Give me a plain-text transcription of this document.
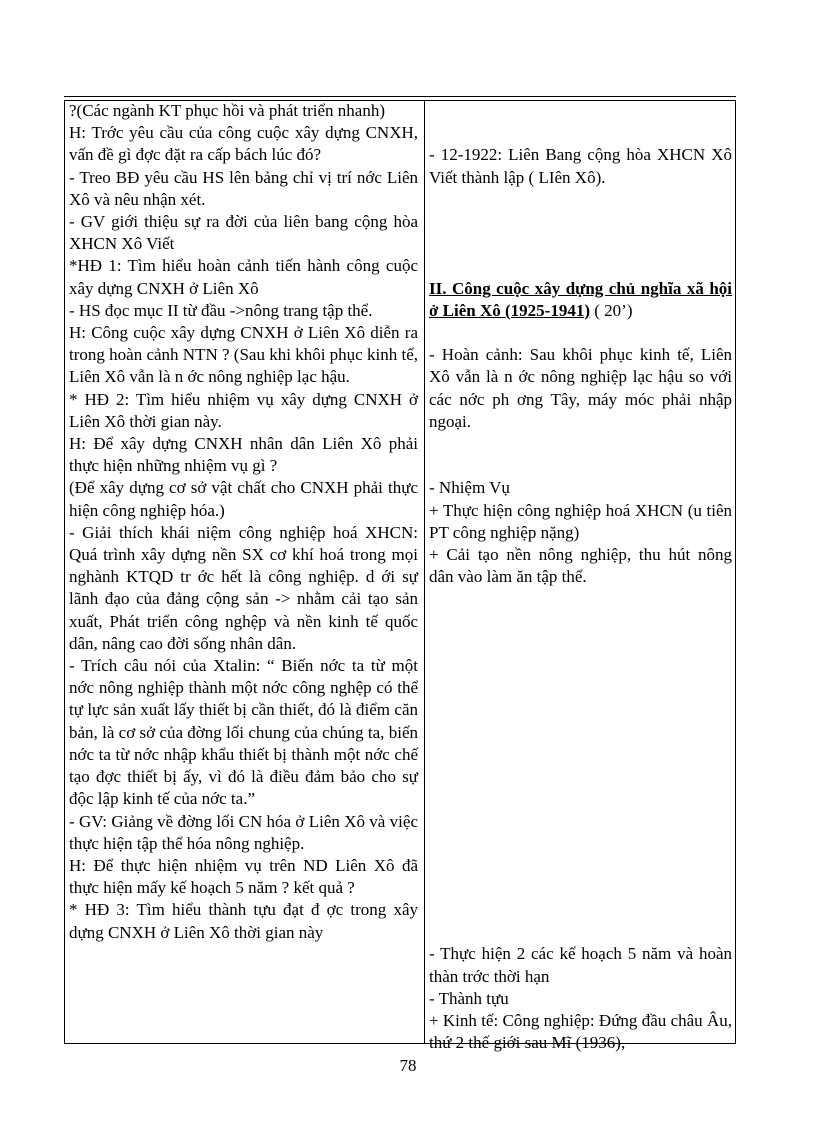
?(Các ngành KT phục hồi và phát triển nhanh)

H: Trớc yêu cầu của công cuộc xây dựng CNXH, vấn đề gì đợc đặt ra cấp bách lúc đó?

- Treo BĐ yêu cầu HS lên bảng chỉ vị trí nớc Liên Xô và nêu nhận xét.

- GV giới thiệu sự ra đời của liên bang cộng hòa XHCN Xô Viết

*HĐ 1: Tìm hiểu hoàn cảnh tiến hành công cuộc xây dựng CNXH ở Liên Xô

- HS đọc mục II từ đầu ->nông trang tập thể.

H: Công cuộc xây dựng CNXH ở Liên Xô diễn ra trong hoàn cảnh NTN ? (Sau khi khôi phục kinh tế, Liên Xô vẫn là n ớc nông nghiệp lạc hậu.

* HĐ 2: Tìm hiểu nhiệm vụ xây dựng CNXH ở Liên Xô thời gian này.

H: Để xây dựng CNXH nhân dân Liên Xô phải thực hiện những nhiệm vụ gì ?

(Để xây dựng cơ sở vật chất cho CNXH phải thực hiện công nghiệp hóa.)

- Giải thích khái niệm công nghiệp hoá XHCN: Quá trình xây dựng nền SX cơ khí hoá trong mọi nghành KTQD tr ớc hết là công nghiệp. d ới sự lãnh đạo của đảng cộng sản -> nhằm cải tạo sản xuất, Phát triển công nghệp và nền kinh tế quốc dân, nâng cao đời sống nhân dân.

- Trích câu nói của Xtalin: “ Biến nớc ta từ một nớc nông nghiệp thành một nớc công nghệp có thể tự lực sản xuất lấy thiết bị cần thiết, đó là điểm căn bản, là cơ sở của đờng lối chung của chúng ta, biến nớc ta từ nớc nhập khẩu thiết bị thành một nớc chế tạo đợc thiết bị ấy, vì đó là điều đảm bảo cho sự độc lập kinh tế của nớc ta.”

- GV: Giảng về đờng lối CN hóa ở Liên Xô và việc thực hiện tập thể hóa nông nghiệp.

H: Để thực hiện nhiệm vụ trên ND Liên Xô đã thực hiện mấy kế hoạch 5 năm ? kết quả ?

* HĐ 3: Tìm hiểu thành tựu đạt đ ợc trong xây dựng CNXH ở Liên Xô thời gian này

- 12-1922: Liên Bang cộng hòa XHCN Xô Viết thành lập ( LIên Xô).

II. Công cuộc xây dựng chủ nghĩa xã hội ở Liên Xô (1925-1941) ( 20’)

- Hoàn cảnh: Sau khôi phục kinh tế, Liên Xô vẫn là n ớc nông nghiệp lạc hậu so với các nớc ph ơng Tây, máy móc phải nhập ngoại.

- Nhiệm Vụ

+ Thực hiện công nghiệp hoá XHCN (u tiên PT công nghiệp nặng)

+ Cải tạo nền nông nghiệp, thu hút nông dân vào làm ăn tập thể.

- Thực hiện 2 các kế hoạch 5 năm và hoàn thàn trớc thời hạn

- Thành tựu

+ Kinh tế: Công nghiệp: Đứng đầu châu Âu, thứ 2 thế giới sau Mĩ (1936),

78
